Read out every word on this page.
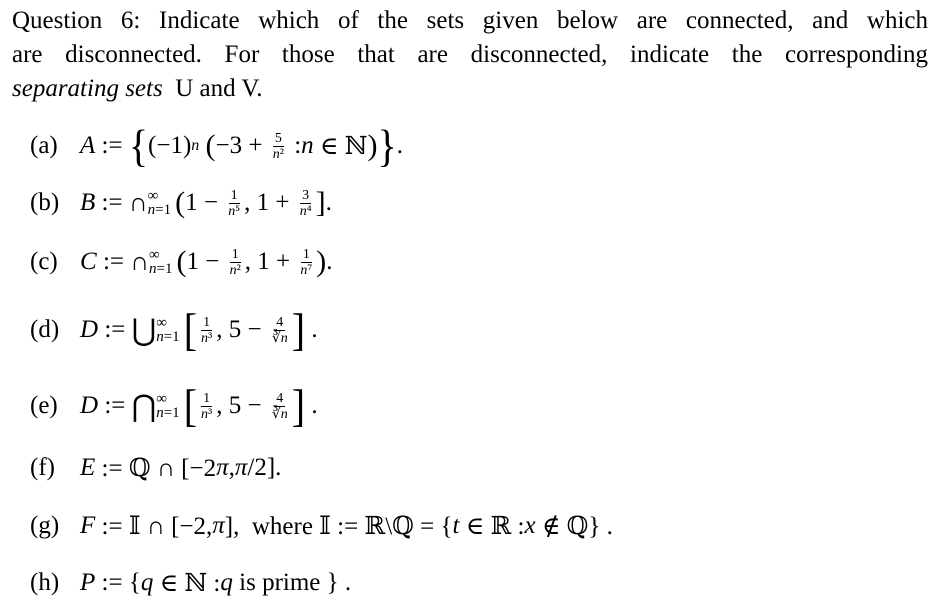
Question 6: Indicate which of the sets given below are connected, and which
are disconnected. For those that are disconnected, indicate the corresponding
separating sets U and V.
(a) A := { (−1) n
( $-3 + \frac{5}{\text{n²}}$ : n ∈ ℕ ) } .
(b) B := ∩ ∞
n=1 ( $1 - \frac{1}{\text{n⁵}}$ , $1 + \frac{3}{\text{n⁴}}$ ] .
(c) C := ∩ ∞
n=1 ( $1 - \frac{1}{\text{n²}}$ , $1 + \frac{1}{\text{n⁷}}$ ) .
(d) D := ⋃ ∞
n=1 [ $\frac{1}{\text{n³}}$ , $5 - \frac{4}{∛n}$ ] .
(e) D := ⋂ ∞
n=1 [ $\frac{1}{\text{n³}}$ , $5 - \frac{4}{∛n}$ ] .
(f)	E := ℚ ∩ [−2 π , π /2].
(g) F := 𝕀 ∩ [−2, π ],  where 𝕀 := ℝ\ℚ = { t ∈ ℝ : x ∉ ℚ} .
(h) P := { q ∈ ℕ : q is prime } .
